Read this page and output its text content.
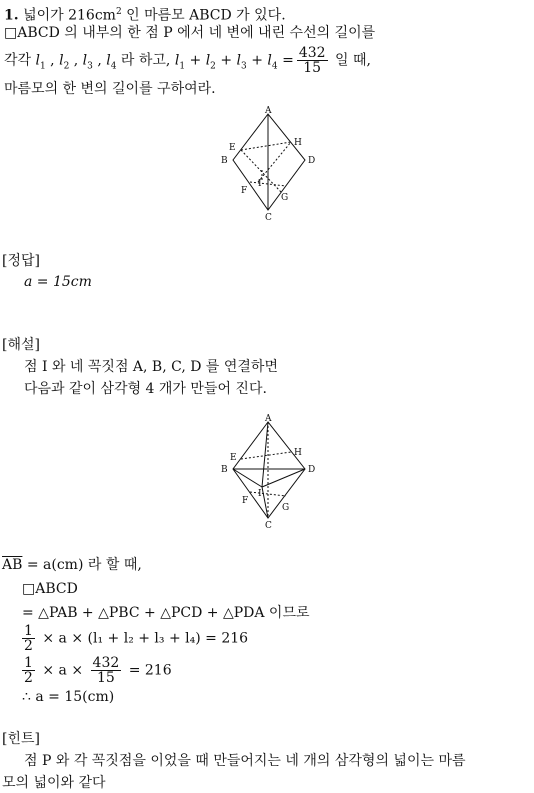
1. 넓이가 $216cm^2$ 인 마름모 ABCD 가 있다.
□ABCD 의 내부의 한 점 P 에서 네 변에 내린 수선의 길이를
각각 $l_1$ , $l_2$ , $l_3$ , $l_4$ 라 하고, $l_1 + l_2 + l_3 + l_4 = \frac{432}{15}$ 일 때,
마름모의 한 변의 길이를 구하여라.
A
B
C
D
E
F
G
H
I
[정답]
a = 15cm
[해설]
점 I 와 네 꼭짓점 A, B, C, D 를 연결하면
다음과 같이 삼각형 4 개가 만들어 진다.
A
B
C
D
E
F
G
H
I
$\overline{AB} = a(cm)$ 라 할 때,
□ABCD
= △PAB + △PBC + △PCD + △PDA 이므로
$\frac{1}{2} \times a \times (l_1 + l_2 + l_3 + l_4) = 216$
$\frac{1}{2} \times a \times \frac{432}{15} = 216$
∴ a = 15(cm)
[힌트]
점 P 와 각 꼭짓점을 이었을 때 만들어지는 네 개의 삼각형의 넓이는 마름
모의 넓이와 같다
